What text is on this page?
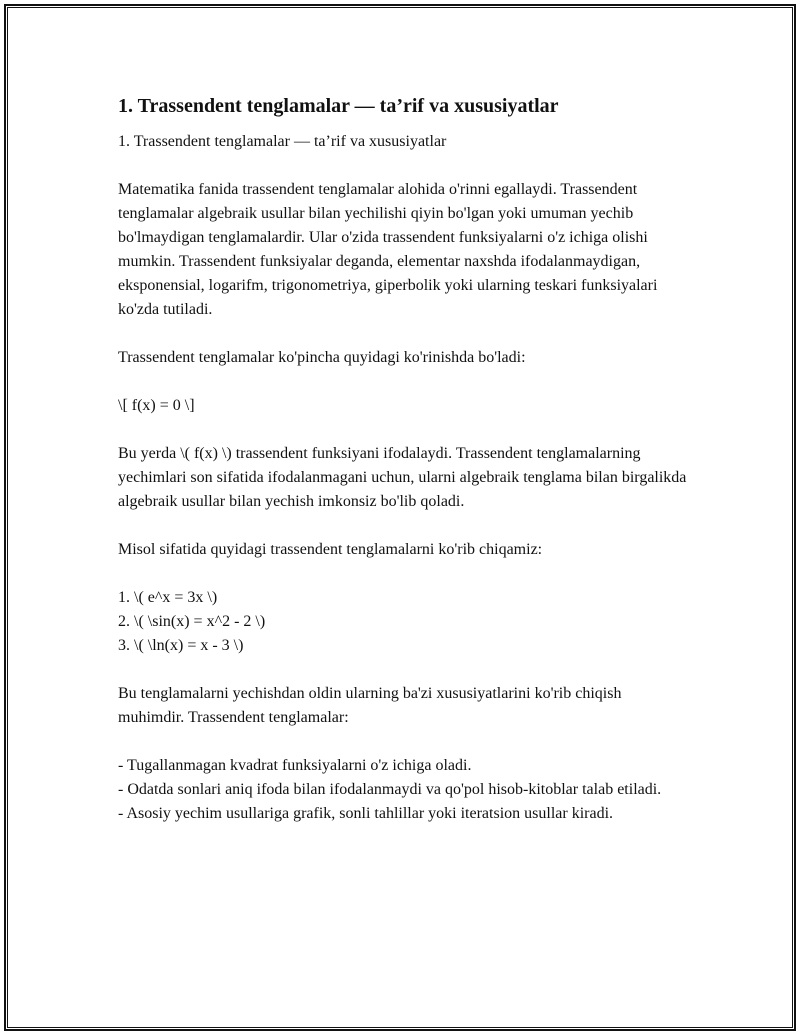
1. Trassendent tenglamalar — ta’rif va xususiyatlar

1. Trassendent tenglamalar — ta’rif va xususiyatlar

Matematika fanida trassendent tenglamalar alohida o'rinni egallaydi. Trassendent tenglamalar algebraik usullar bilan yechilishi qiyin bo'lgan yoki umuman yechib bo'lmaydigan tenglamalardir. Ular o'zida trassendent funksiyalarni o'z ichiga olishi mumkin. Trassendent funksiyalar deganda, elementar naxshda ifodalanmaydigan, eksponensial, logarifm, trigonometriya, giperbolik yoki ularning teskari funksiyalari ko'zda tutiladi.

Trassendent tenglamalar ko'pincha quyidagi ko'rinishda bo'ladi:

\[ f(x) = 0 \]

Bu yerda \( f(x) \) trassendent funksiyani ifodalaydi. Trassendent tenglamalarning yechimlari son sifatida ifodalanmagani uchun, ularni algebraik tenglama bilan birgalikda algebraik usullar bilan yechish imkonsiz bo'lib qoladi.

Misol sifatida quyidagi trassendent tenglamalarni ko'rib chiqamiz:

1. \( e^x = 3x \)
2. \( \sin(x) = x^2 - 2 \)
3. \( \ln(x) = x - 3 \)

Bu tenglamalarni yechishdan oldin ularning ba'zi xususiyatlarini ko'rib chiqish muhimdir. Trassendent tenglamalar:

- Tugallanmagan kvadrat funksiyalarni o'z ichiga oladi.
- Odatda sonlari aniq ifoda bilan ifodalanmaydi va qo'pol hisob-kitoblar talab etiladi.
- Asosiy yechim usullariga grafik, sonli tahlillar yoki iteratsion usullar kiradi.
